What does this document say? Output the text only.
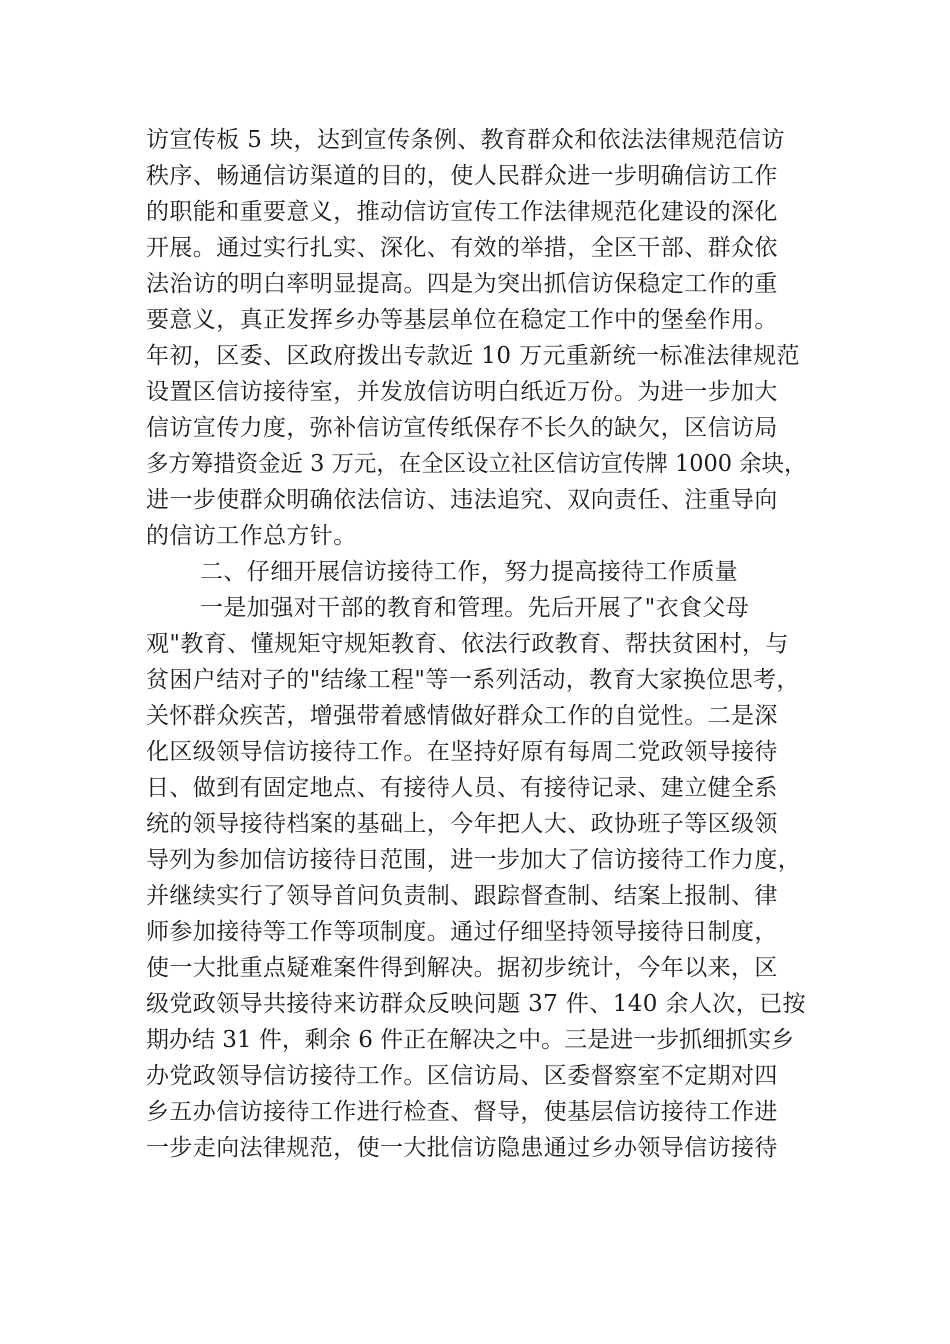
访宣传板 5 块，达到宣传条例、教育群众和依法法律规范信访
秩序、畅通信访渠道的目的，使人民群众进一步明确信访工作
的职能和重要意义，推动信访宣传工作法律规范化建设的深化
开展。通过实行扎实、深化、有效的举措，全区干部、群众依
法治访的明白率明显提高。四是为突出抓信访保稳定工作的重
要意义，真正发挥乡办等基层单位在稳定工作中的堡垒作用。
年初，区委、区政府拨出专款近 10 万元重新统一标准法律规范
设置区信访接待室，并发放信访明白纸近万份。为进一步加大
信访宣传力度，弥补信访宣传纸保存不长久的缺欠，区信访局
多方筹措资金近 3 万元，在全区设立社区信访宣传牌 1000 余块，
进一步使群众明确依法信访、违法追究、双向责任、注重导向
的信访工作总方针。
二、仔细开展信访接待工作，努力提高接待工作质量
一是加强对干部的教育和管理。先后开展了"衣食父母
观"教育、懂规矩守规矩教育、依法行政教育、帮扶贫困村，与
贫困户结对子的"结缘工程"等一系列活动，教育大家换位思考，
关怀群众疾苦，增强带着感情做好群众工作的自觉性。二是深
化区级领导信访接待工作。在坚持好原有每周二党政领导接待
日、做到有固定地点、有接待人员、有接待记录、建立健全系
统的领导接待档案的基础上，今年把人大、政协班子等区级领
导列为参加信访接待日范围，进一步加大了信访接待工作力度，
并继续实行了领导首问负责制、跟踪督查制、结案上报制、律
师参加接待等工作等项制度。通过仔细坚持领导接待日制度，
使一大批重点疑难案件得到解决。据初步统计，今年以来，区
级党政领导共接待来访群众反映问题 37 件、140 余人次，已按
期办结 31 件，剩余 6 件正在解决之中。三是进一步抓细抓实乡
办党政领导信访接待工作。区信访局、区委督察室不定期对四
乡五办信访接待工作进行检查、督导，使基层信访接待工作进
一步走向法律规范，使一大批信访隐患通过乡办领导信访接待
